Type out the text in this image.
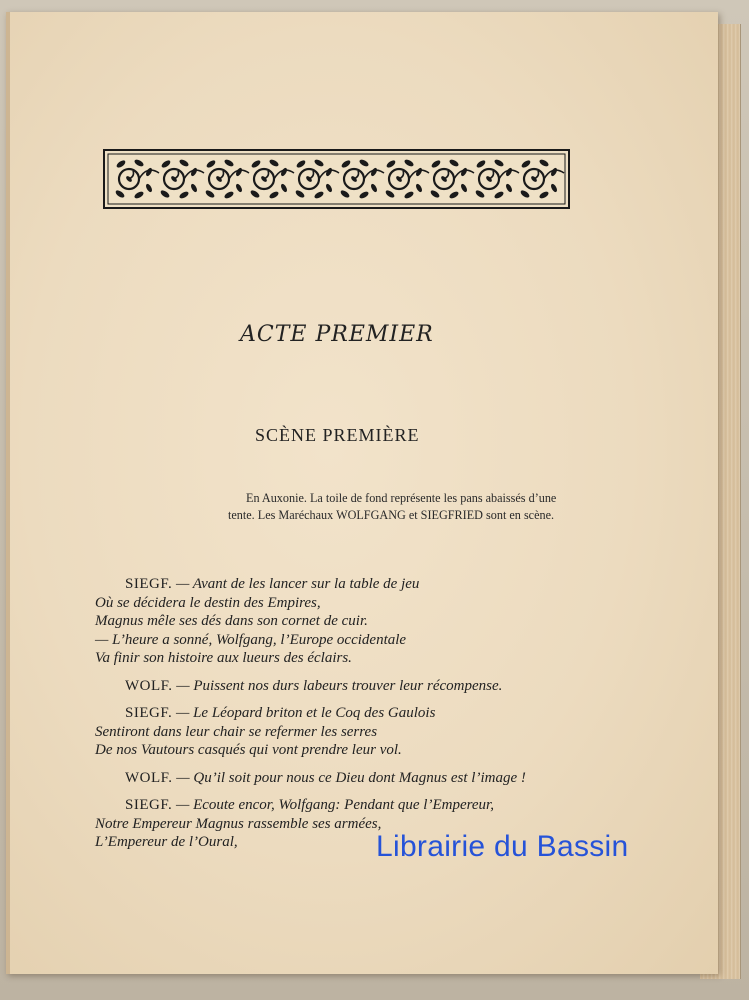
ACTE PREMIER
SCÈNE PREMIÈRE

En Auxonie. La toile de fond représente les pans abaissés d’une tente. Les Maréchaux WOLFGANG et SIEGFRIED sont en scène.

SIEGF. — Avant de les lancer sur la table de jeu
Où se décidera le destin des Empires,
Magnus mêle ses dés dans son cornet de cuir.
— L’heure a sonné, Wolfgang, l’Europe occidentale
Va finir son histoire aux lueurs des éclairs.
WOLF. — Puissent nos durs labeurs trouver leur récompense.
SIEGF. — Le Léopard briton et le Coq des Gaulois
Sentiront dans leur chair se refermer les serres
De nos Vautours casqués qui vont prendre leur vol.
WOLF. — Qu’il soit pour nous ce Dieu dont Magnus est l’image !
SIEGF. — Ecoute encor, Wolfgang: Pendant que l’Empereur,
Notre Empereur Magnus rassemble ses armées,
L’Empereur de l’Oural,	Librairie du Bassin
